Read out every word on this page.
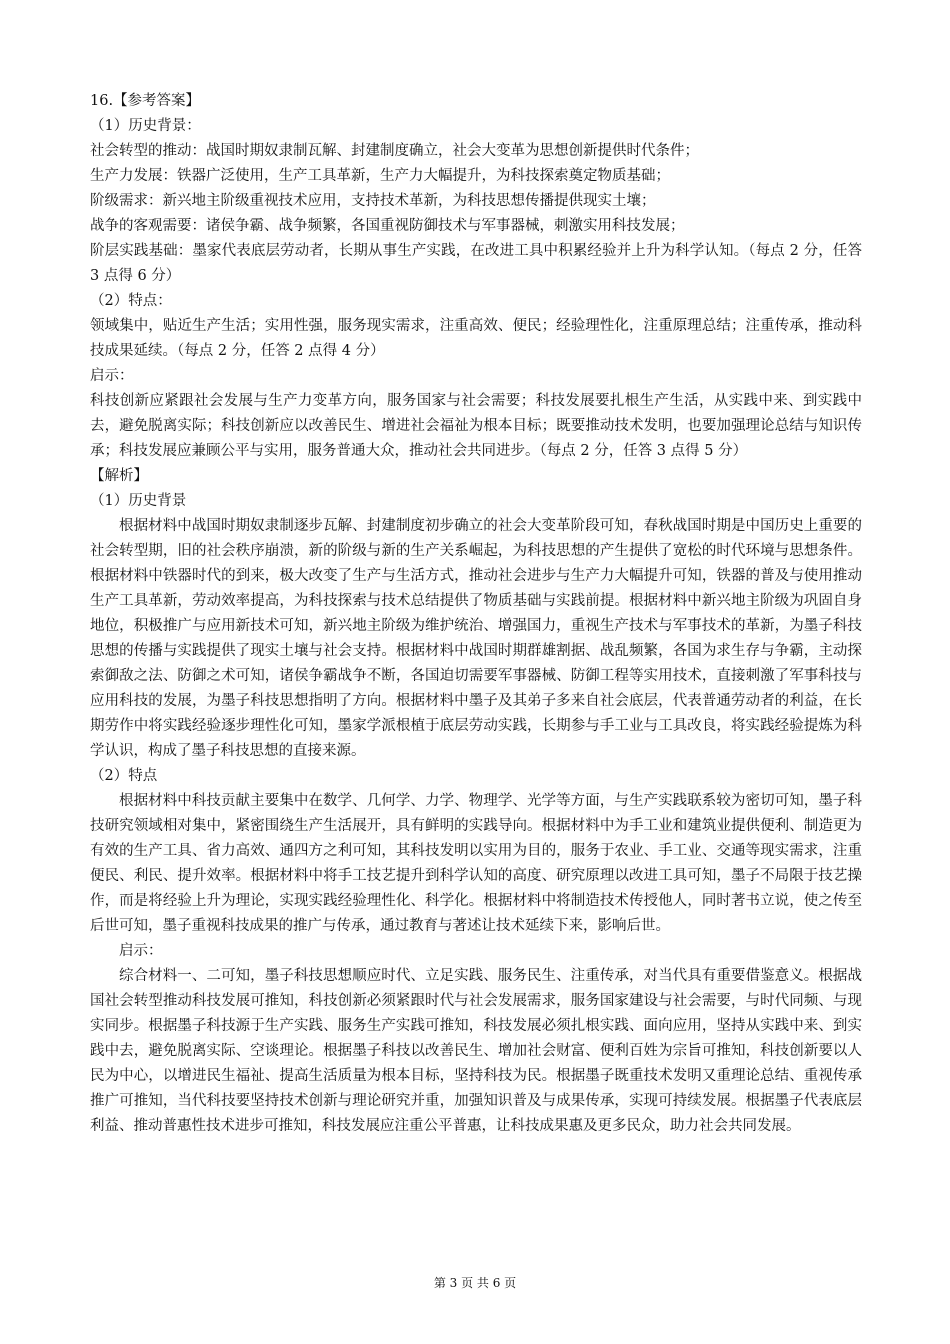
16.【参考答案】

（1）历史背景：

社会转型的推动：战国时期奴隶制瓦解、封建制度确立，社会大变革为思想创新提供时代条件；

生产力发展：铁器广泛使用，生产工具革新，生产力大幅提升，为科技探索奠定物质基础；

阶级需求：新兴地主阶级重视技术应用，支持技术革新，为科技思想传播提供现实土壤；

战争的客观需要：诸侯争霸、战争频繁，各国重视防御技术与军事器械，刺激实用科技发展；

阶层实践基础：墨家代表底层劳动者，长期从事生产实践，在改进工具中积累经验并上升为科学认知。（每点 2 分，任答 3 点得 6 分）

（2）特点：

领域集中，贴近生产生活；实用性强，服务现实需求，注重高效、便民；经验理性化，注重原理总结；注重传承，推动科技成果延续。（每点 2 分，任答 2 点得 4 分）

启示：

科技创新应紧跟社会发展与生产力变革方向，服务国家与社会需要；科技发展要扎根生产生活，从实践中来、到实践中去，避免脱离实际；科技创新应以改善民生、增进社会福祉为根本目标；既要推动技术发明，也要加强理论总结与知识传承；科技发展应兼顾公平与实用，服务普通大众，推动社会共同进步。（每点 2 分，任答 3 点得 5 分）

【解析】

（1）历史背景

根据材料中战国时期奴隶制逐步瓦解、封建制度初步确立的社会大变革阶段可知，春秋战国时期是中国历史上重要的社会转型期，旧的社会秩序崩溃，新的阶级与新的生产关系崛起，为科技思想的产生提供了宽松的时代环境与思想条件。根据材料中铁器时代的到来，极大改变了生产与生活方式，推动社会进步与生产力大幅提升可知，铁器的普及与使用推动生产工具革新，劳动效率提高，为科技探索与技术总结提供了物质基础与实践前提。根据材料中新兴地主阶级为巩固自身地位，积极推广与应用新技术可知，新兴地主阶级为维护统治、增强国力，重视生产技术与军事技术的革新，为墨子科技思想的传播与实践提供了现实土壤与社会支持。根据材料中战国时期群雄割据、战乱频繁，各国为求生存与争霸，主动探索御敌之法、防御之术可知，诸侯争霸战争不断，各国迫切需要军事器械、防御工程等实用技术，直接刺激了军事科技与应用科技的发展，为墨子科技思想指明了方向。根据材料中墨子及其弟子多来自社会底层，代表普通劳动者的利益，在长期劳作中将实践经验逐步理性化可知，墨家学派根植于底层劳动实践，长期参与手工业与工具改良，将实践经验提炼为科学认识，构成了墨子科技思想的直接来源。

（2）特点

根据材料中科技贡献主要集中在数学、几何学、力学、物理学、光学等方面，与生产实践联系较为密切可知，墨子科技研究领域相对集中，紧密围绕生产生活展开，具有鲜明的实践导向。根据材料中为手工业和建筑业提供便利、制造更为有效的生产工具、省力高效、通四方之利可知，其科技发明以实用为目的，服务于农业、手工业、交通等现实需求，注重便民、利民、提升效率。根据材料中将手工技艺提升到科学认知的高度、研究原理以改进工具可知，墨子不局限于技艺操作，而是将经验上升为理论，实现实践经验理性化、科学化。根据材料中将制造技术传授他人，同时著书立说，使之传至后世可知，墨子重视科技成果的推广与传承，通过教育与著述让技术延续下来，影响后世。

启示：

综合材料一、二可知，墨子科技思想顺应时代、立足实践、服务民生、注重传承，对当代具有重要借鉴意义。根据战国社会转型推动科技发展可推知，科技创新必须紧跟时代与社会发展需求，服务国家建设与社会需要，与时代同频、与现实同步。根据墨子科技源于生产实践、服务生产实践可推知，科技发展必须扎根实践、面向应用，坚持从实践中来、到实践中去，避免脱离实际、空谈理论。根据墨子科技以改善民生、增加社会财富、便利百姓为宗旨可推知，科技创新要以人民为中心，以增进民生福祉、提高生活质量为根本目标，坚持科技为民。根据墨子既重技术发明又重理论总结、重视传承推广可推知，当代科技要坚持技术创新与理论研究并重，加强知识普及与成果传承，实现可持续发展。根据墨子代表底层利益、推动普惠性技术进步可推知，科技发展应注重公平普惠，让科技成果惠及更多民众，助力社会共同发展。

第 3 页 共 6 页
